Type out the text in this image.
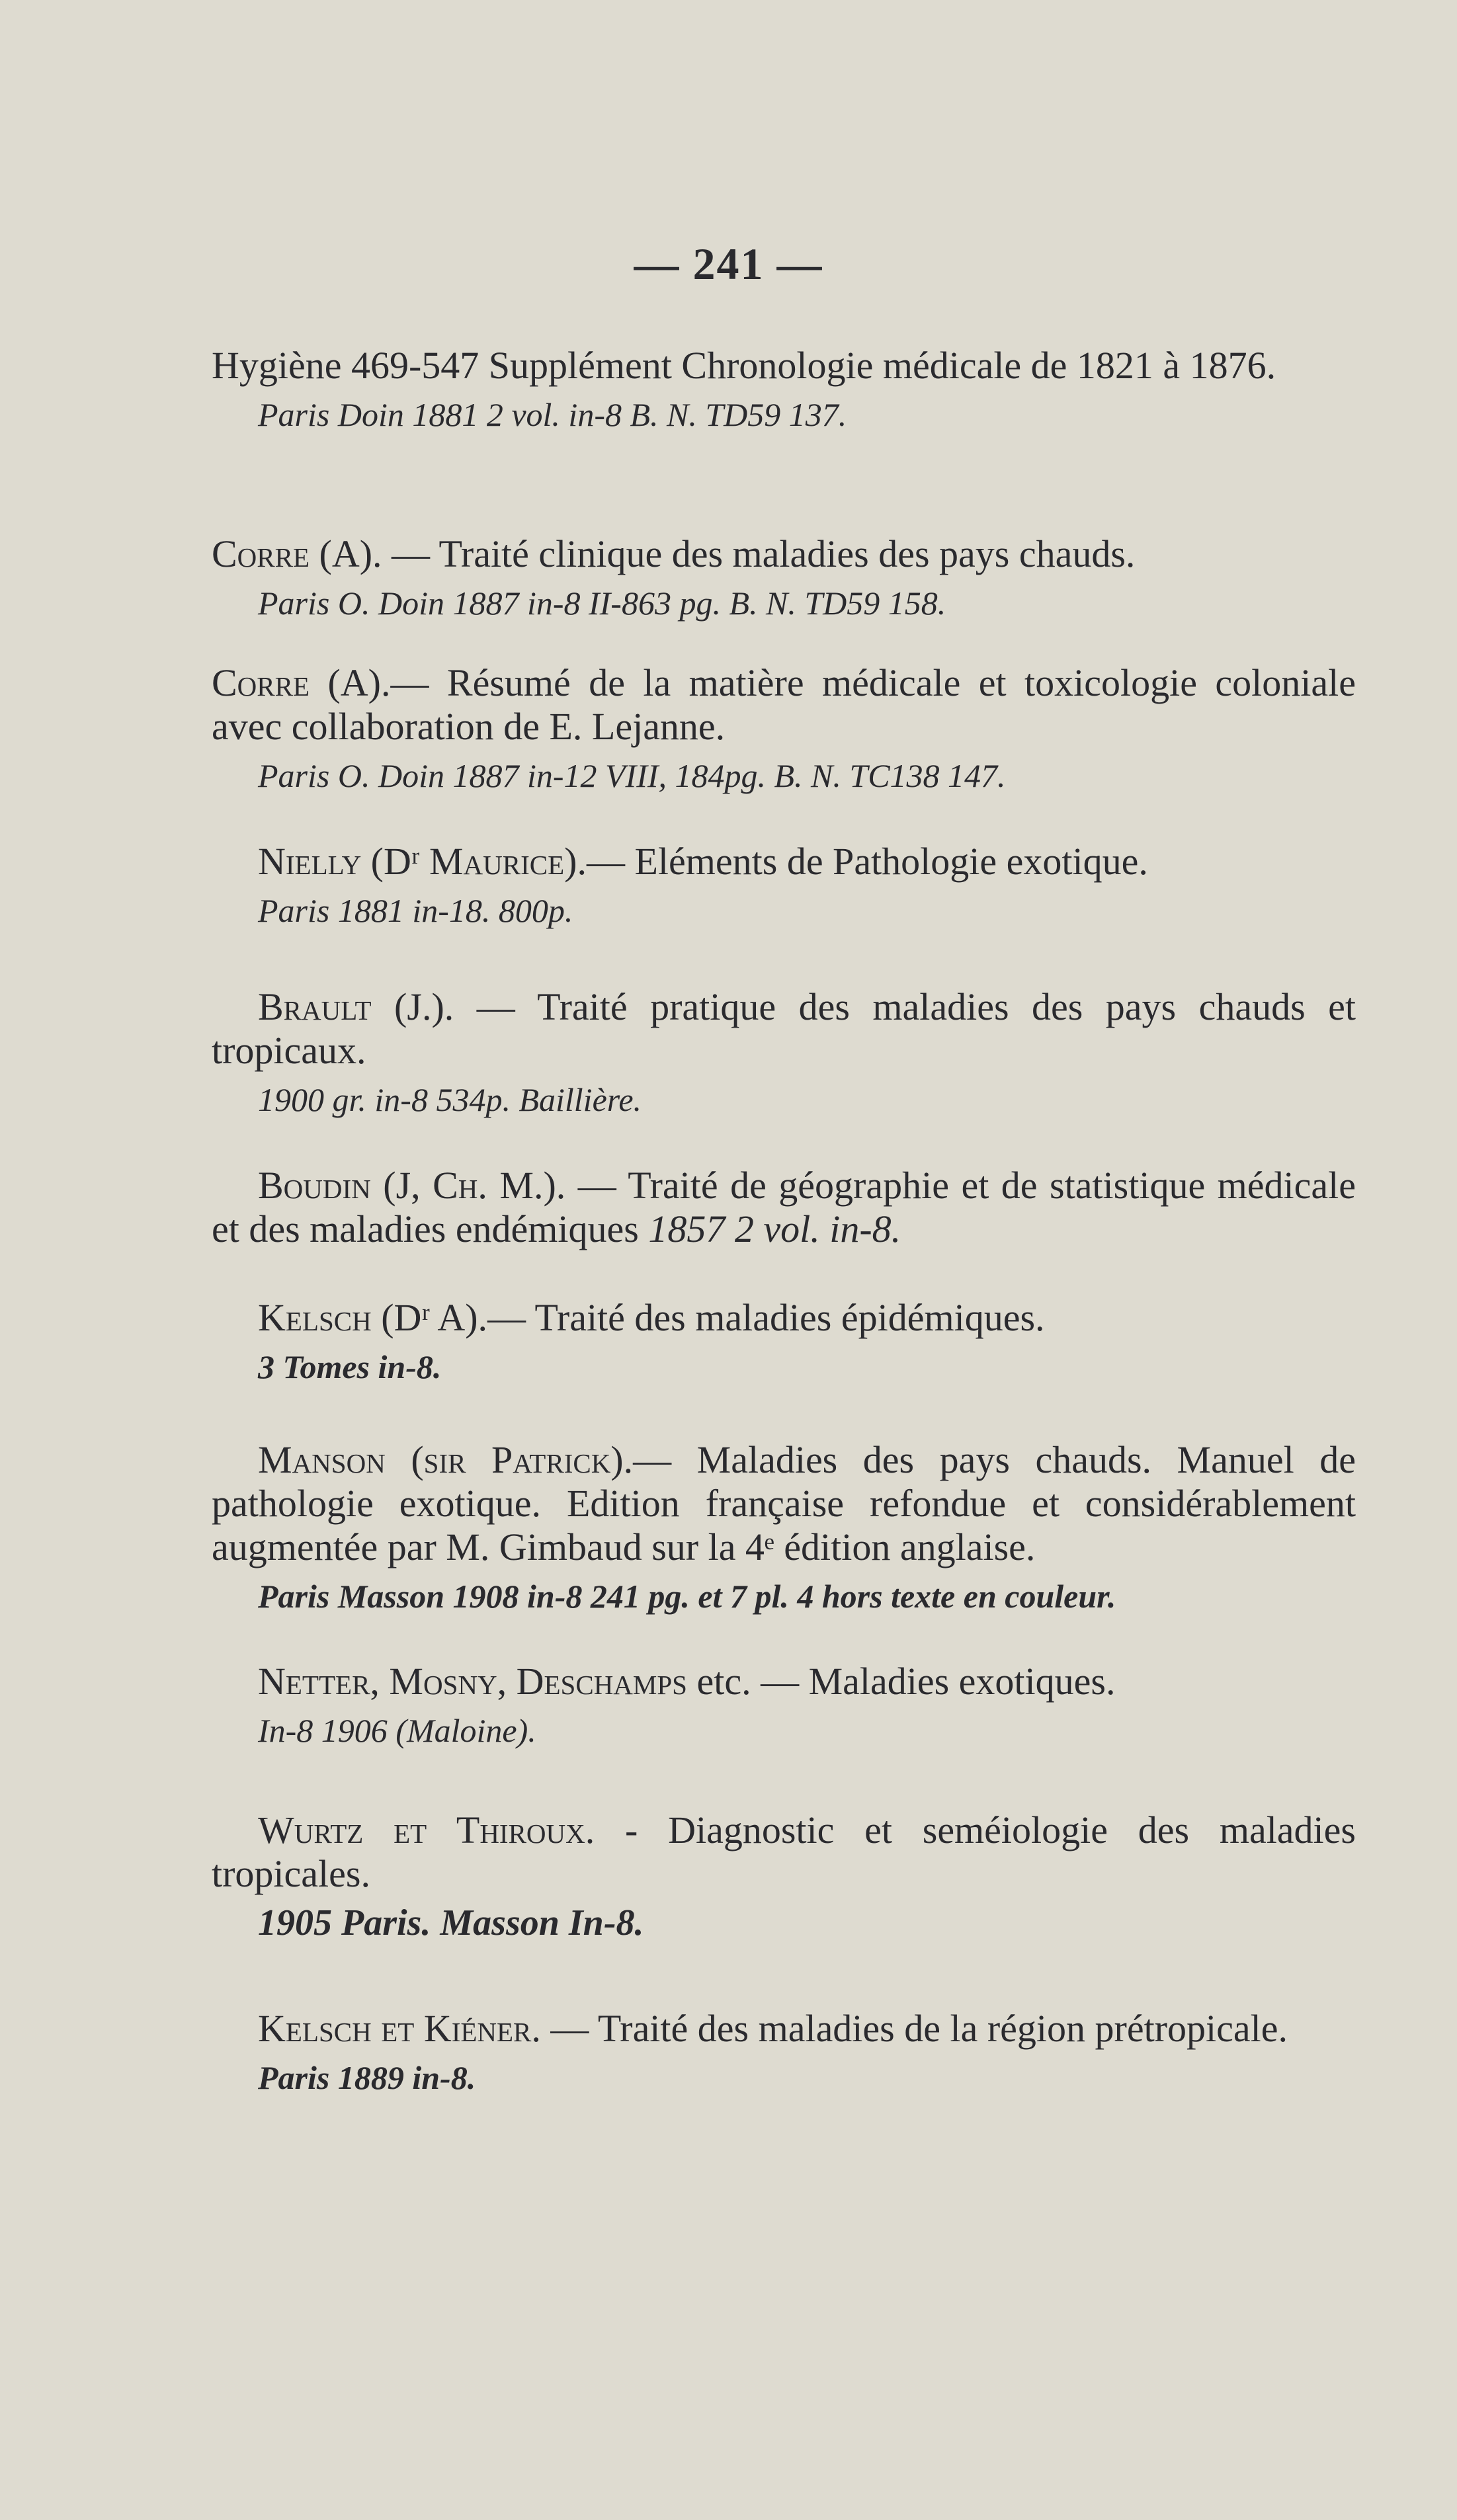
— 241 —
Hygiène 469-547 Supplément Chronologie médicale de 1821 à 1876.
Paris Doin 1881 2 vol. in-8 B. N. TD59 137.
Corre (A). — Traité clinique des maladies des pays chauds.
Paris O. Doin 1887 in-8 II-863 pg. B. N. TD59 158.
Corre (A).— Résumé de la matière médicale et toxicologie coloniale avec collaboration de E. Lejanne.
Paris O. Doin 1887 in-12 VIII, 184pg. B. N. TC138 147.
Nielly (Dʳ Maurice).— Eléments de Pathologie exotique.
Paris 1881 in-18. 800p.
Brault (J.). — Traité pratique des maladies des pays chauds et tropicaux.
1900 gr. in-8 534p. Baillière.
Boudin (J, Ch. M.). — Traité de géographie et de statistique médicale et des maladies endémiques 1857 2 vol. in-8.
Kelsch (Dʳ A).— Traité des maladies épidémiques.
3 Tomes in-8.
Manson (sir Patrick).— Maladies des pays chauds. Manuel de pathologie exotique. Edition française refondue et considérablement augmentée par M. Gimbaud sur la 4ᵉ édition anglaise.
Paris Masson 1908 in-8 241 pg. et 7 pl. 4 hors texte en couleur.
Netter, Mosny, Deschamps etc. — Maladies exotiques.
In-8 1906 (Maloine).
Wurtz et Thiroux. - Diagnostic et seméiologie des maladies tropicales.
1905 Paris. Masson In-8.
Kelsch et Kiéner. — Traité des maladies de la région prétropicale.
Paris 1889 in-8.
